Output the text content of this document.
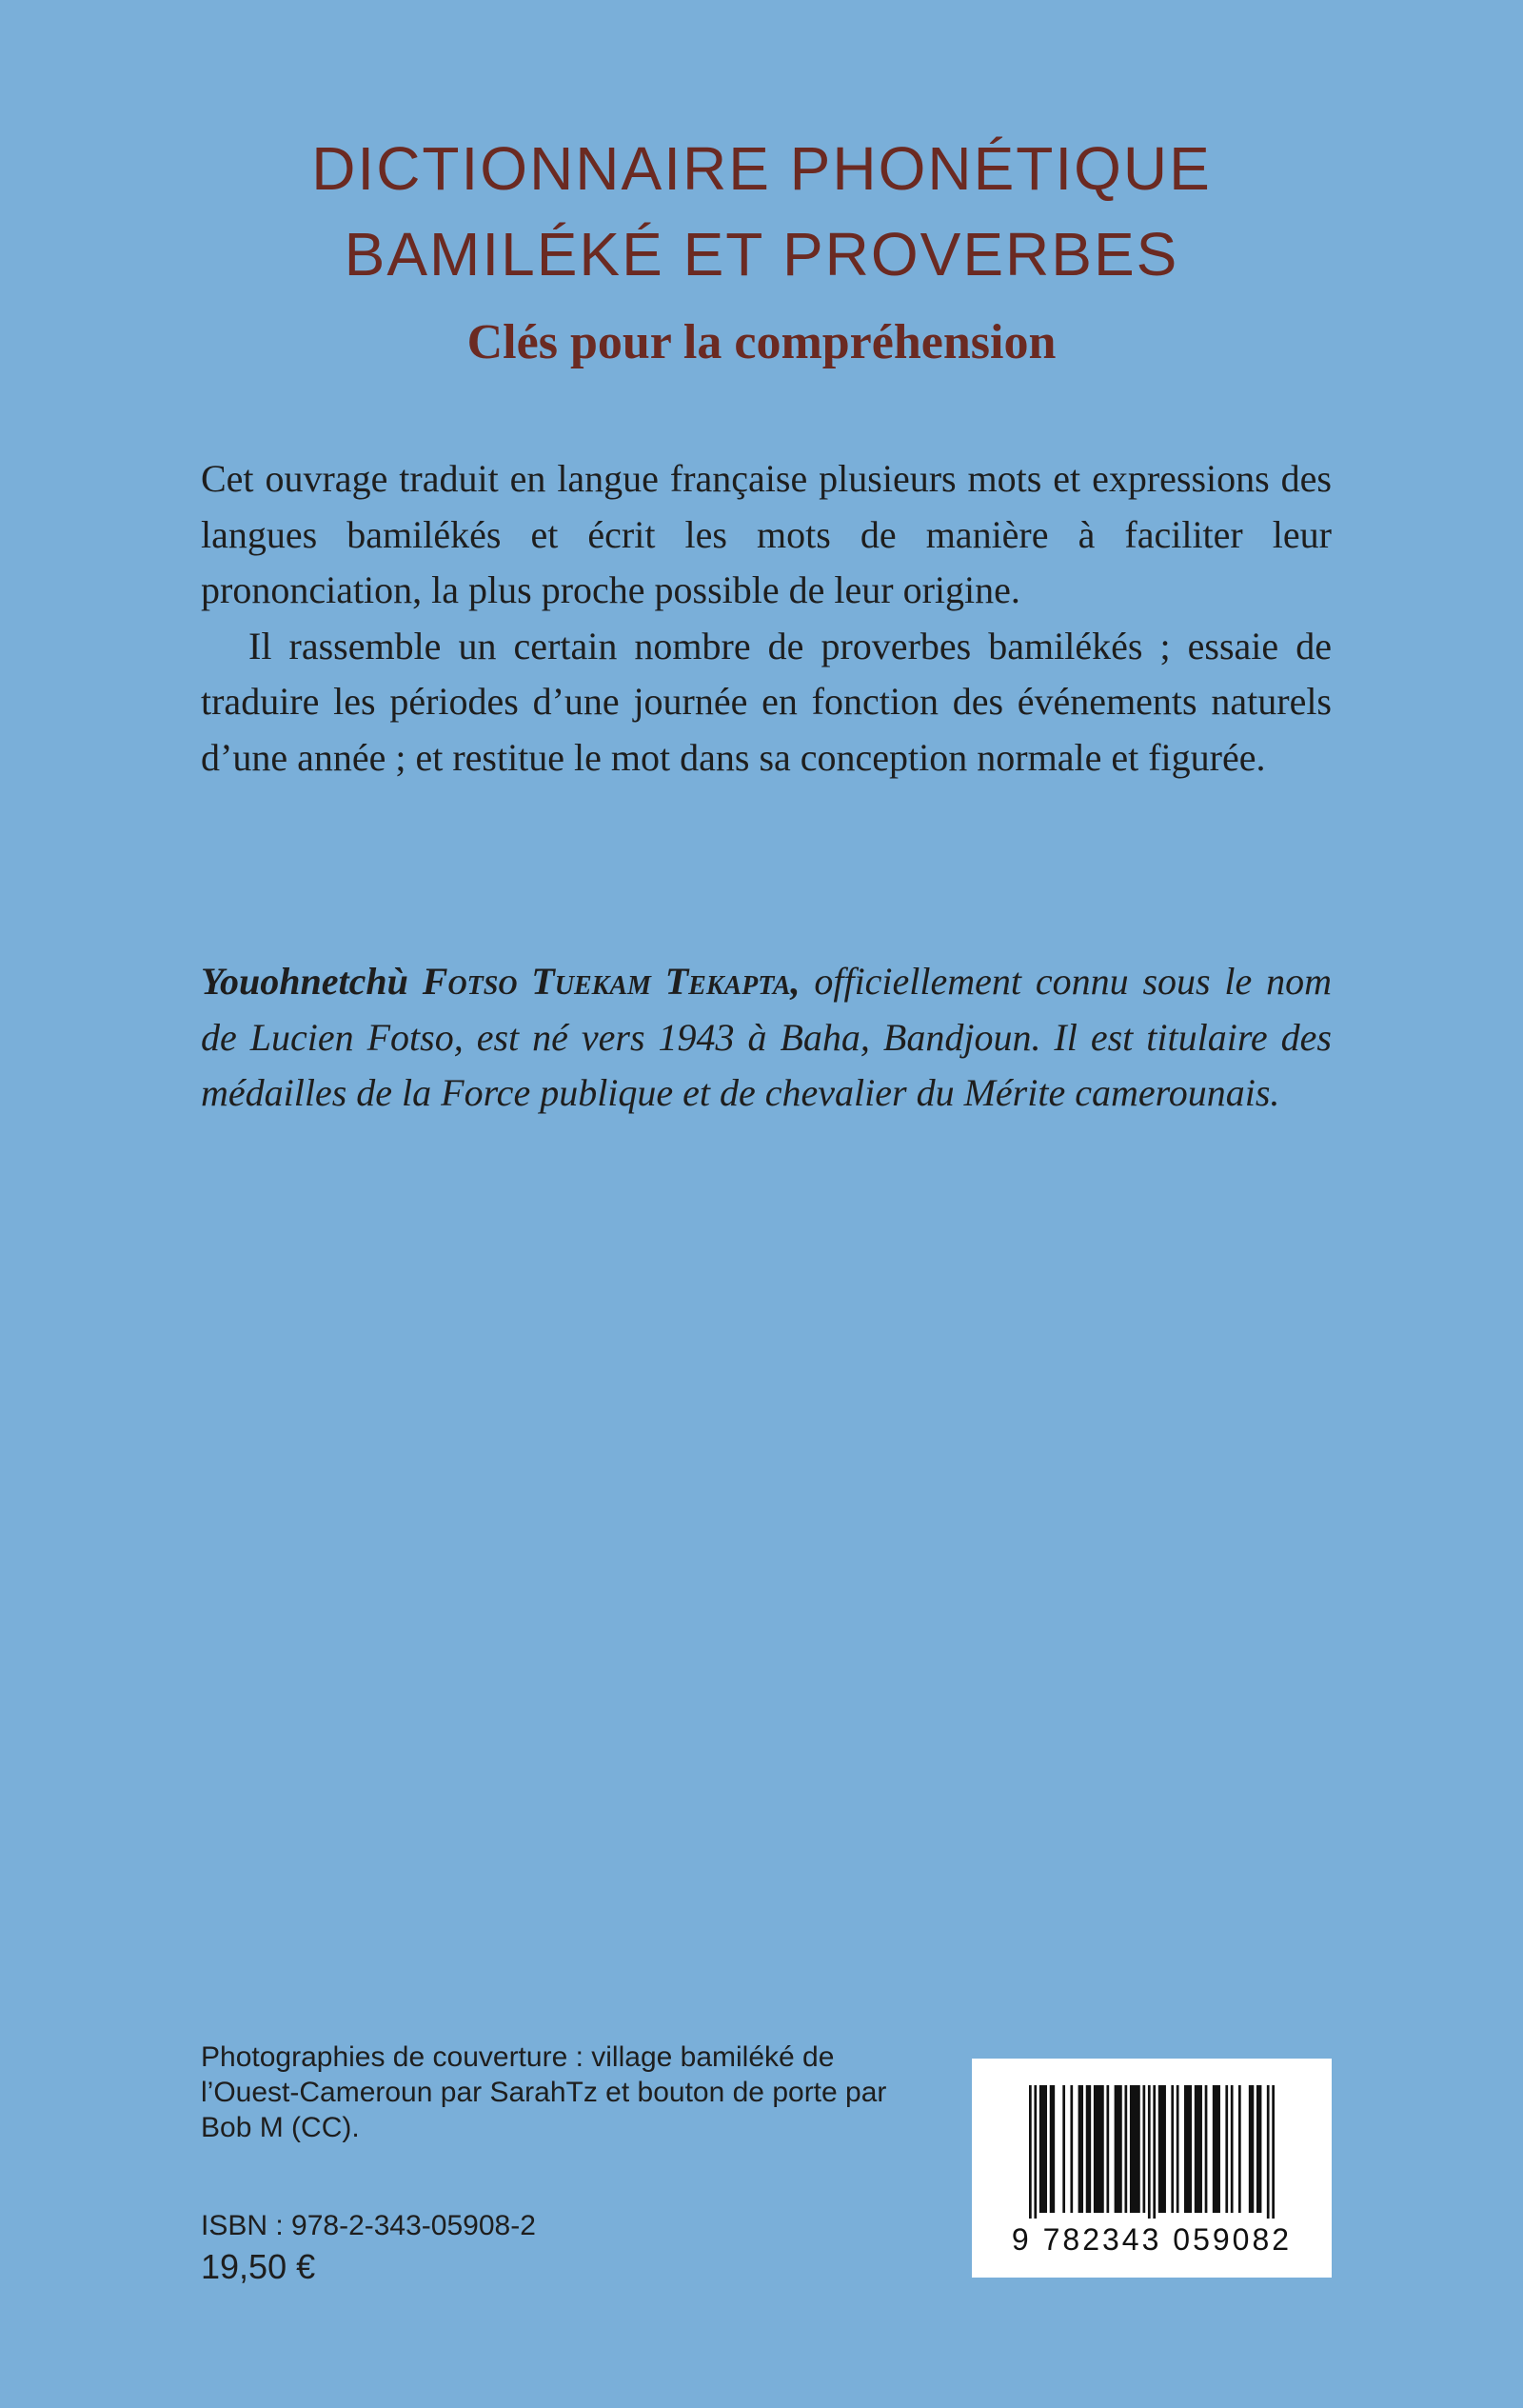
DICTIONNAIRE PHONÉTIQUE
BAMILÉKÉ ET PROVERBES
Clés pour la compréhension

Cet ouvrage traduit en langue française plusieurs mots et expressions des langues bamilékés et écrit les mots de manière à faciliter leur prononciation, la plus proche possible de leur origine.

Il rassemble un certain nombre de proverbes bamilékés ; essaie de traduire les périodes d’une journée en fonction des événements naturels d’une année ; et restitue le mot dans sa conception normale et figurée.

Youohnetchù Fotso Tuekam Tekapta, officiellement connu sous le nom de Lucien Fotso, est né vers 1943 à Baha, Bandjoun. Il est titulaire des médailles de la Force publique et de chevalier du Mérite camerounais.
Photographies de couverture : village bamiléké de l’Ouest-Cameroun par SarahTz et bouton de porte par Bob M (CC).
ISBN : 978-2-343-05908-2
19,50 €
9 782343 059082
